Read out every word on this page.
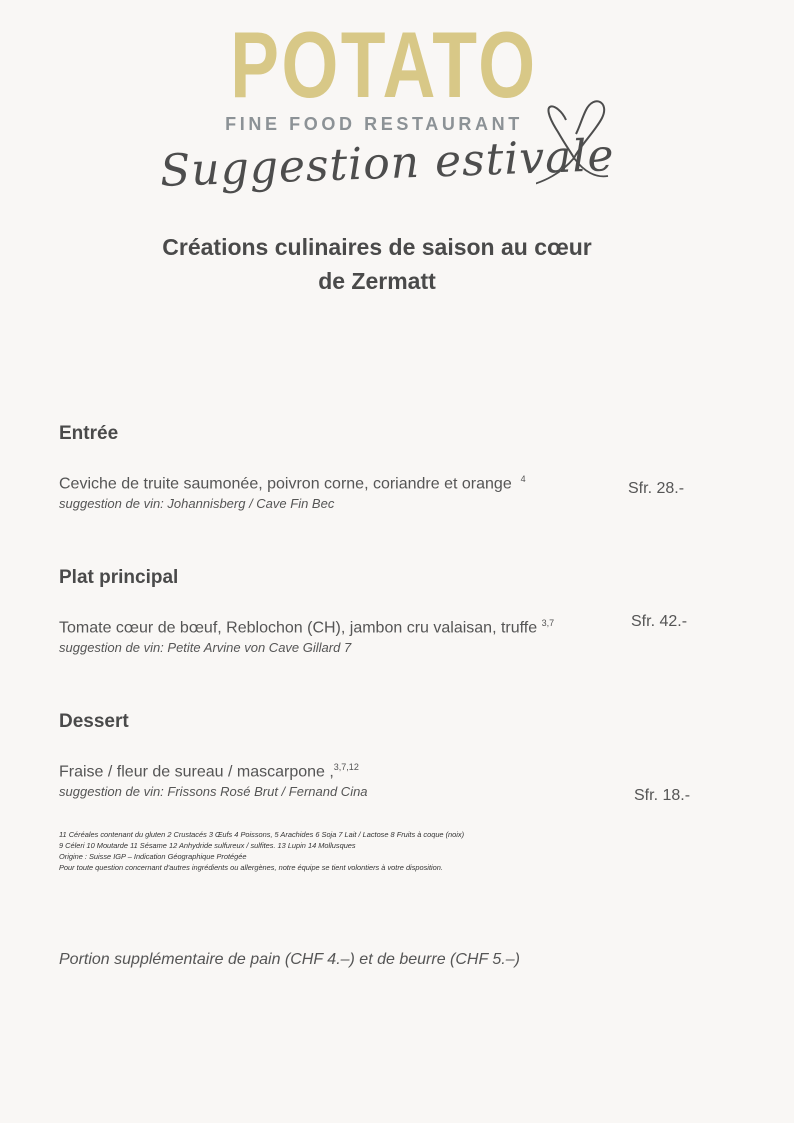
POTATO
FINE FOOD RESTAURANT
Suggestion estivale
Créations culinaires de saison au cœur
de Zermatt
Entrée
Ceviche de truite saumonée, poivron corne, coriandre et orange $^4$
suggestion de vin: Johannisberg / Cave Fin Bec
Sfr. 28.-
Plat principal
Tomate cœur de bœuf, Reblochon (CH), jambon cru valaisan, truffe $^{3,7}$
suggestion de vin: Petite Arvine von Cave Gillard 7
Sfr. 42.-
Dessert
Fraise / fleur de sureau / mascarpone ,$^{3,7,12}$
suggestion de vin: Frissons Rosé Brut / Fernand Cina	Sfr. 18.-
11 Céréales contenant du gluten 2 Crustacés 3 Œufs 4 Poissons, 5 Arachides 6 Soja 7 Lait / Lactose 8 Fruits à coque (noix)
9 Céleri 10 Moutarde 11 Sésame 12 Anhydride sulfureux / sulfites. 13 Lupin 14 Mollusques
Origine : Suisse IGP – Indication Géographique Protégée
Pour toute question concernant d'autres ingrédients ou allergènes, notre équipe se tient volontiers à votre disposition.
Portion supplémentaire de pain (CHF 4.–) et de beurre (CHF 5.–)
